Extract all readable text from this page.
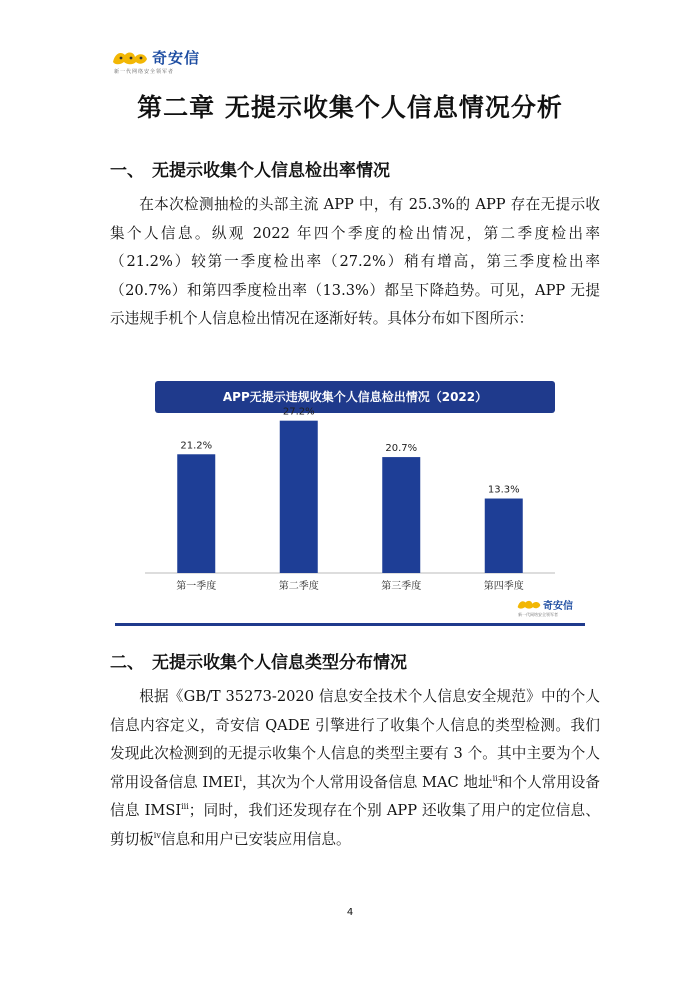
奇安信
新一代网络安全领军者
第二章 无提示收集个人信息情况分析
一、 无提示收集个人信息检出率情况
在本次检测抽检的头部主流 APP 中，有 25.3%的 APP 存在无提示收集个人信息。纵观 2022 年四个季度的检出情况，第二季度检出率（21.2%）较第一季度检出率（27.2%）稍有增高，第三季度检出率（20.7%）和第四季度检出率（13.3%）都呈下降趋势。可见，APP 无提示违规手机个人信息检出情况在逐渐好转。具体分布如下图所示：
APP无提示违规收集个人信息检出情况（2022）
21.2%
第一季度
27.2%
第二季度
20.7%
第三季度
13.3%
第四季度
奇安信
新一代网络安全领军者
二、 无提示收集个人信息类型分布情况
根据《GB/T 35273-2020 信息安全技术个人信息安全规范》中的个人信息内容定义，奇安信 QADE 引擎进行了收集个人信息的类型检测。我们发现此次检测到的无提示收集个人信息的类型主要有 3 个。其中主要为个人常用设备信息 IMEI$^i$，其次为个人常用设备信息 MAC 地址$^{ii}$和个人常用设备信息 IMSI$^{iii}$；同时，我们还发现存在个别 APP 还收集了用户的定位信息、剪切板$^{iv}$信息和用户已安装应用信息。
4
